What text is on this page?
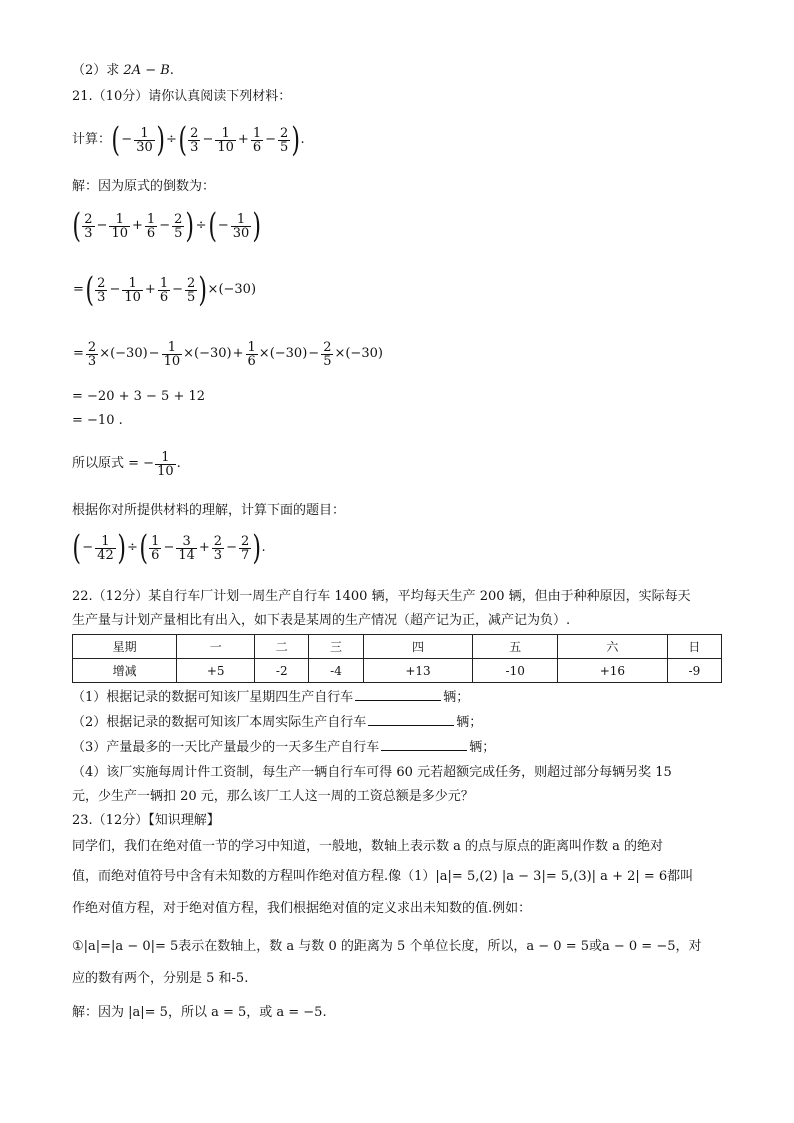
（2）求 2A − B.
21.（10分）请你认真阅读下列材料：
计算： ( − $\frac{1}{30}$ ) ÷ ( $\frac{2}{3} - \frac{1}{10} + \frac{1}{6} - \frac{2}{5}$ ) .
解：因为原式的倒数为：
( $\frac{2}{3} - \frac{1}{10} + \frac{1}{6} - \frac{2}{5}$ ) ÷ ( − $\frac{1}{30}$ )
= ( $\frac{2}{3} - \frac{1}{10} + \frac{1}{6} - \frac{2}{5}$ ) ×(−30)
= $\frac{2}{3} \times(-30) - \frac{1}{10} \times(-30) + \frac{1}{6} \times(-30) - \frac{2}{5} \times(-30)$
= −20 + 3 − 5 + 12
= −10 .
所以原式 = − $\frac{1}{10}$ .
根据你对所提供材料的理解，计算下面的题目：
( − $\frac{1}{42}$ ) ÷ ( $\frac{1}{6} - \frac{3}{14} + \frac{2}{3} - \frac{2}{7}$ ) .
22.（12分）某自行车厂计划一周生产自行车 1400 辆，平均每天生产 200 辆，但由于种种原因，实际每天
生产量与计划产量相比有出入，如下表是某周的生产情况（超产记为正，减产记为负）.
星期	一	二	三	四	五	六	日
增减	+5	-2	-4	+13	-10	+16	-9
（1）根据记录的数据可知该厂星期四生产自行车	辆；
（2）根据记录的数据可知该厂本周实际生产自行车	辆；
（3）产量最多的一天比产量最少的一天多生产自行车	辆；
（4）该厂实施每周计件工资制，每生产一辆自行车可得 60 元若超额完成任务，则超过部分每辆另奖 15
元，少生产一辆扣 20 元，那么该厂工人这一周的工资总额是多少元？
23.（12分）【知识理解】
同学们，我们在绝对值一节的学习中知道，一般地，数轴上表示数 a 的点与原点的距离叫作数 a 的绝对
值，而绝对值符号中含有未知数的方程叫作绝对值方程.像（1）|a|= 5,(2) |a − 3|= 5,(3)| a + 2| = 6都叫
作绝对值方程，对于绝对值方程，我们根据绝对值的定义求出未知数的值.例如：
①|a|=|a − 0|= 5表示在数轴上，数 a 与数 0 的距离为 5 个单位长度，所以，a − 0 = 5或a − 0 = −5，对
应的数有两个，分别是 5 和-5.
解：因为 |a|= 5，所以 a = 5，或 a = −5.
